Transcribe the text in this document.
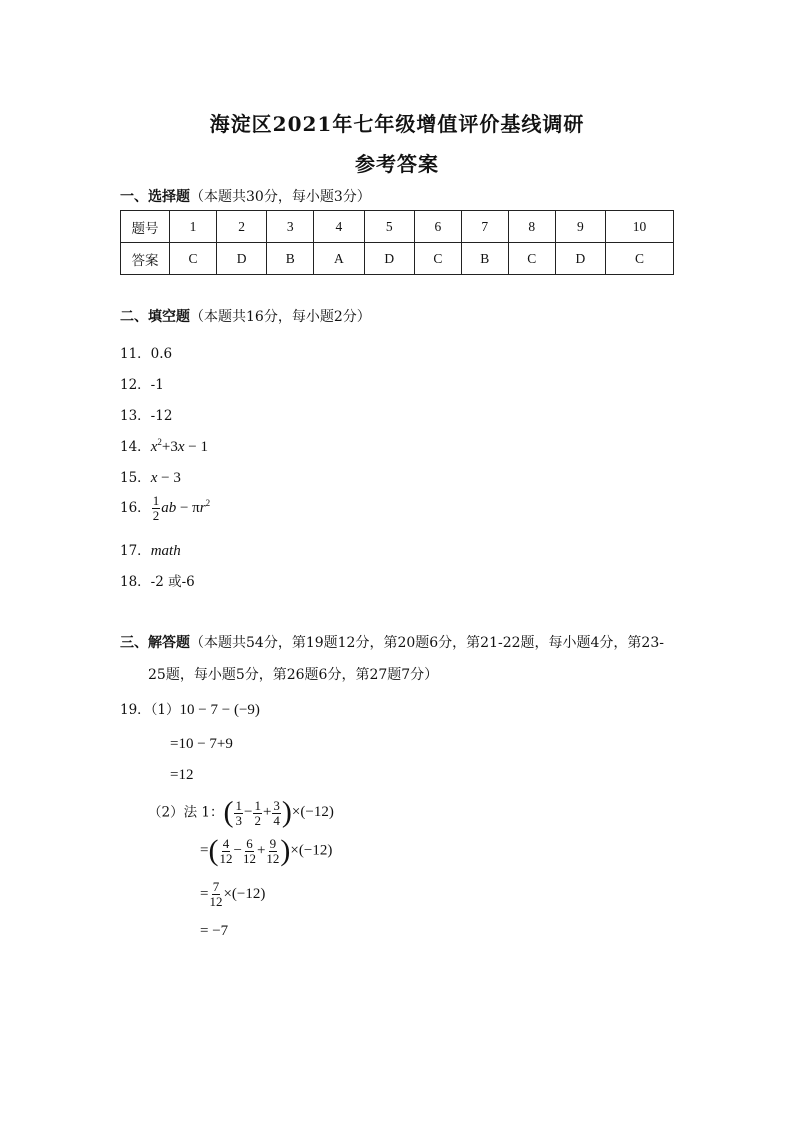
海淀区2021年七年级增值评价基线调研
参考答案
一、选择题（本题共30分，每小题3分）
题号	1	2	3	4	5	6	7	8	9	10
答案	C	D	B	A	D	C	B	C	D	C
二、填空题（本题共16分，每小题2分）
11．0.6
12．-1
13．-12
14．$x^2+3x - 1$
15．x − 3
16． $\frac{1}{2}$ ab − $\pi r^2$
17．math
18．-2 或-6
三、解答题（本题共54分，第19题12分，第20题6分，第21-22题，每小题4分，第23-
25题，每小题5分，第26题6分，第27题7分）
19．（1）10 − 7 − (−9)
=10 − 7+9
=12
（2）法 1：( $\frac{1}{3} - \frac{1}{2} + \frac{3}{4} )\times(-12)$
=( $\frac{4}{12} - \frac{6}{12} + \frac{9}{12} )\times(-12)$
= $\frac{7}{12} \times(-12)$
= −7
